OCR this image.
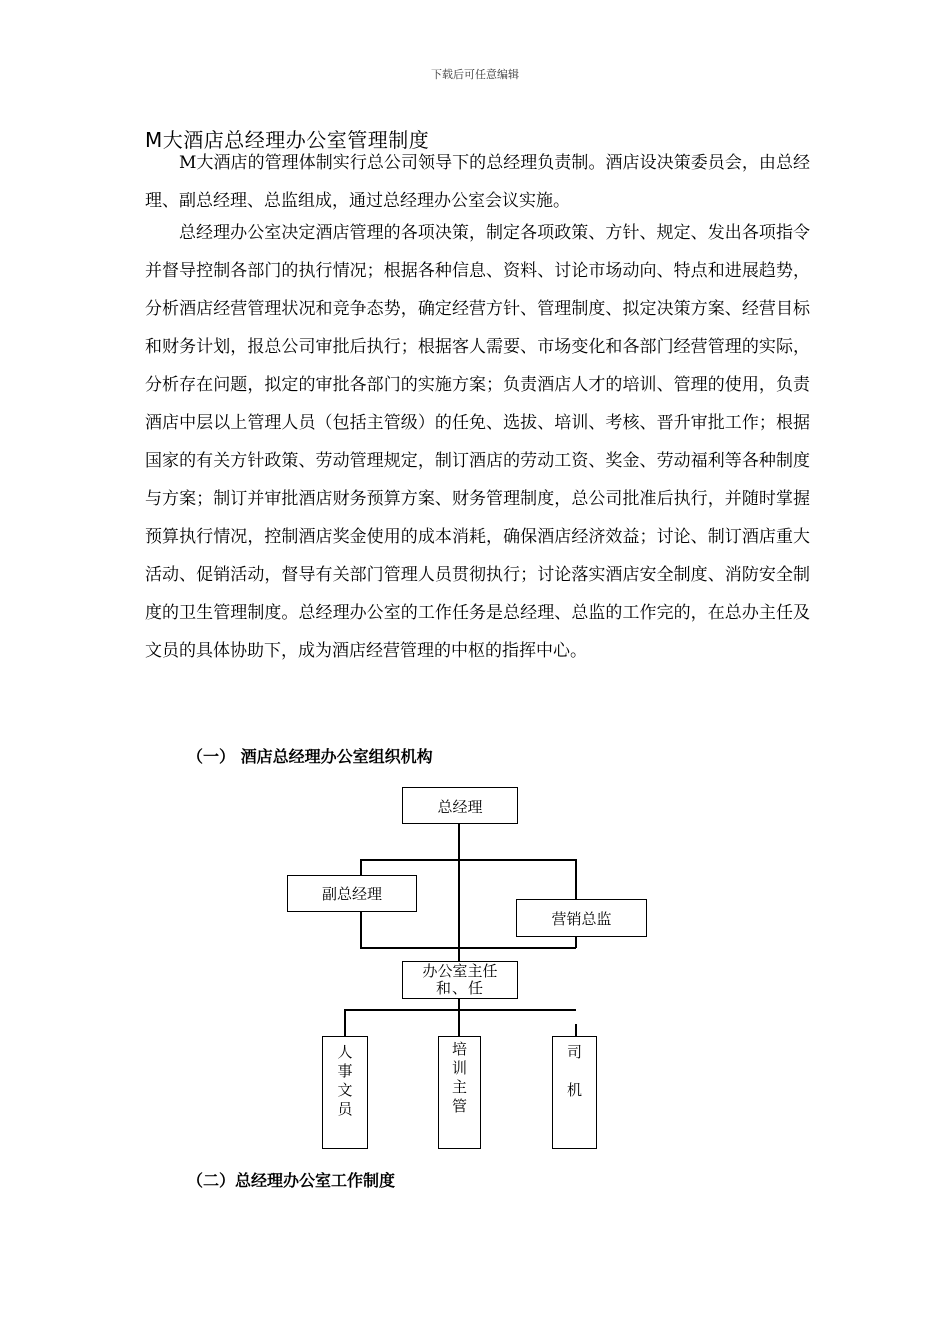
下载后可任意编辑
M大酒店总经理办公室管理制度

M大酒店的管理体制实行总公司领导下的总经理负责制。酒店设决策委员会，由总经理、副总经理、总监组成，通过总经理办公室会议实施。

总经理办公室决定酒店管理的各项决策，制定各项政策、方针、规定、发出各项指令并督导控制各部门的执行情况；根据各种信息、资料、讨论市场动向、特点和进展趋势，分析酒店经营管理状况和竞争态势，确定经营方针、管理制度、拟定决策方案、经营目标和财务计划，报总公司审批后执行；根据客人需要、市场变化和各部门经营管理的实际，分析存在问题，拟定的审批各部门的实施方案；负责酒店人才的培训、管理的使用，负责酒店中层以上管理人员（包括主管级）的任免、选拔、培训、考核、晋升审批工作；根据国家的有关方针政策、劳动管理规定，制订酒店的劳动工资、奖金、劳动福利等各种制度与方案；制订并审批酒店财务预算方案、财务管理制度，总公司批准后执行，并随时掌握预算执行情况，控制酒店奖金使用的成本消耗，确保酒店经济效益；讨论、制订酒店重大活动、促销活动，督导有关部门管理人员贯彻执行；讨论落实酒店安全制度、消防安全制度的卫生管理制度。总经理办公室的工作任务是总经理、总监的工作完的，在总办主任及文员的具体协助下，成为酒店经营管理的中枢的指挥中心。

（一） 酒店总经理办公室组织机构
总经理
副总经理
营销总监
办公室主任
和、任
人
事
文
员
培
训
主
管
司
机
（二）总经理办公室工作制度
